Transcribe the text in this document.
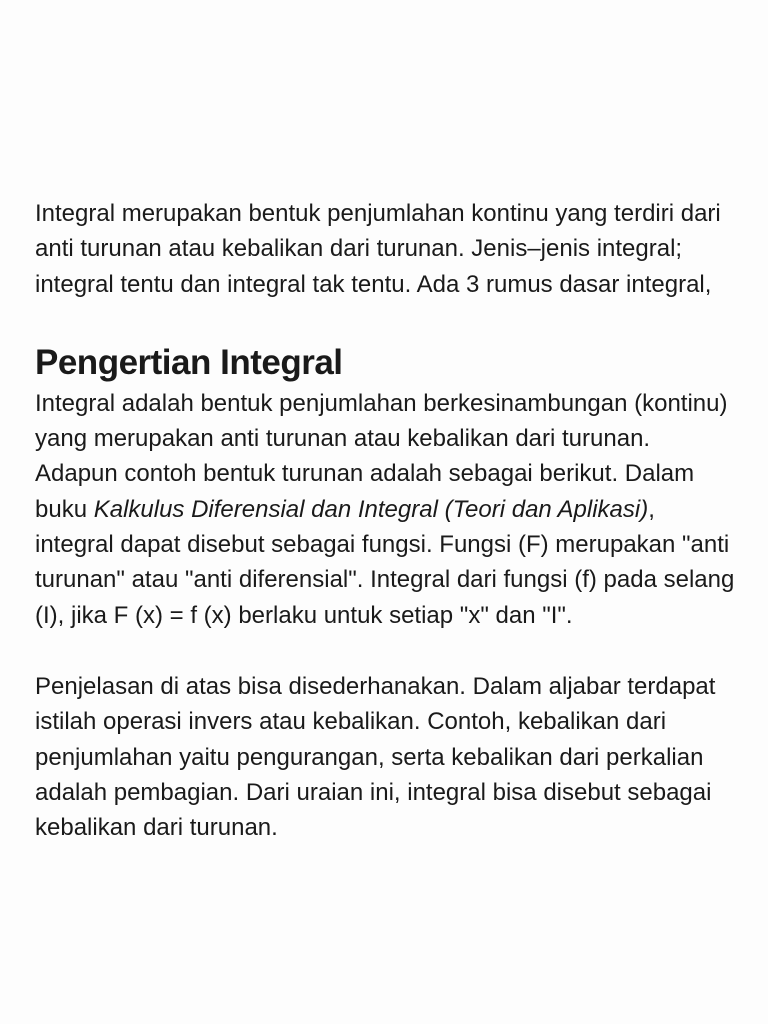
Integral merupakan bentuk penjumlahan kontinu yang terdiri dari anti turunan atau kebalikan dari turunan. Jenis–jenis integral; integral tentu dan integral tak tentu. Ada 3 rumus dasar integral,

Pengertian Integral

Integral adalah bentuk penjumlahan berkesinambungan (kontinu) yang merupakan anti turunan atau kebalikan dari turunan. Adapun contoh bentuk turunan adalah sebagai berikut. Dalam buku Kalkulus Diferensial dan Integral (Teori dan Aplikasi), integral dapat disebut sebagai fungsi. Fungsi (F) merupakan "anti turunan" atau "anti diferensial". Integral dari fungsi (f) pada selang (I), jika F (x) = f (x) berlaku untuk setiap "x" dan "I".

Penjelasan di atas bisa disederhanakan. Dalam aljabar terdapat istilah operasi invers atau kebalikan. Contoh, kebalikan dari penjumlahan yaitu pengurangan, serta kebalikan dari perkalian adalah pembagian. Dari uraian ini, integral bisa disebut sebagai kebalikan dari turunan.
